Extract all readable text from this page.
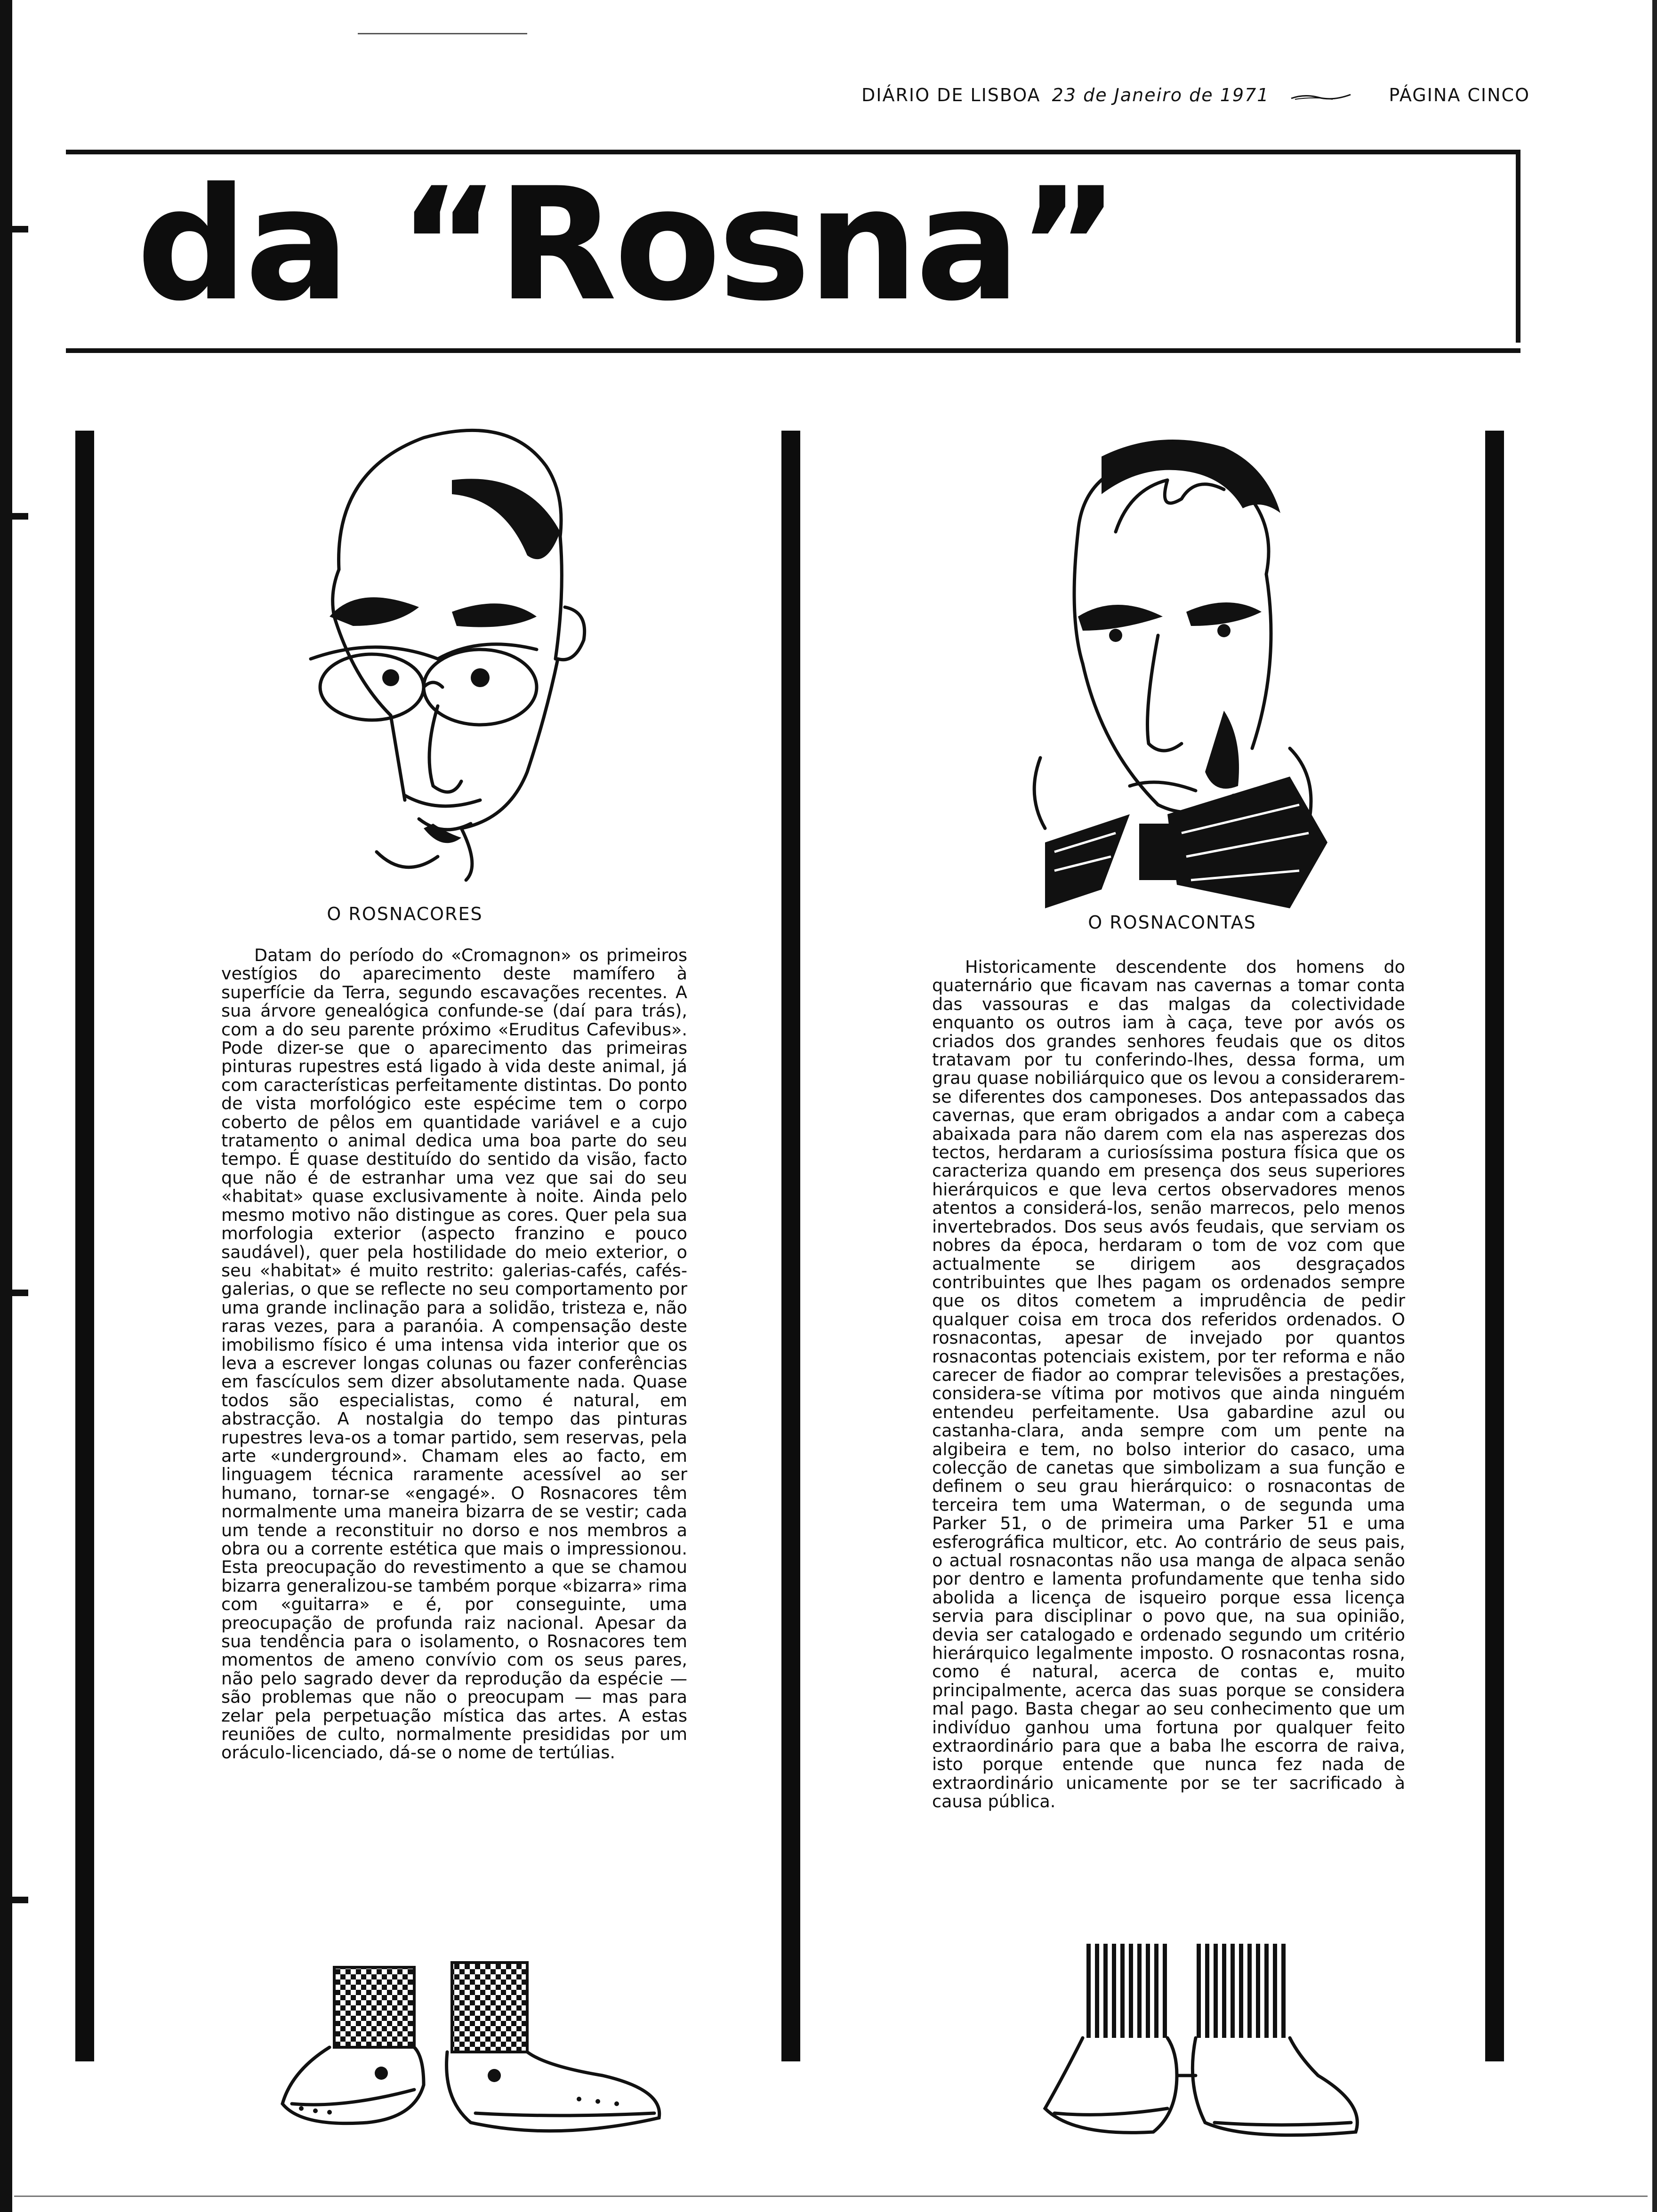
DIÁRIO DE LISBOA 23 de Janeiro de 1971	PÁGINA CINCO
da “Rosna”
O ROSNACORES	O ROSNACONTAS
Datam do período do «Cromagnon» os primeiros vestígios do aparecimento deste mamífero à superfície da Terra, segundo escavações recentes. A sua árvore genealógica confunde-se (daí para trás), com a do seu parente próximo «Eruditus Cafevibus». Pode dizer-se que o aparecimento das primeiras pinturas rupestres está ligado à vida deste animal, já com características perfeitamente distintas. Do ponto de vista morfológico este espécime tem o corpo coberto de pêlos em quantidade variável e a cujo tratamento o animal dedica uma boa parte do seu tempo. É quase destituído do sentido da visão, facto que não é de estranhar uma vez que sai do seu «habitat» quase exclusivamente à noite. Ainda pelo mesmo motivo não distingue as cores. Quer pela sua morfologia exterior (aspecto franzino e pouco saudável), quer pela hostilidade do meio exterior, o seu «habitat» é muito restrito: galerias-cafés, cafés-galerias, o que se reflecte no seu comportamento por uma grande inclinação para a solidão, tristeza e, não raras vezes, para a paranóia. A compensação deste imobilismo físico é uma intensa vida interior que os leva a escrever longas colunas ou fazer conferências em fascículos sem dizer absolutamente nada. Quase todos são especialistas, como é natural, em abstracção. A nostalgia do tempo das pinturas rupestres leva-os a tomar partido, sem reservas, pela arte «underground». Chamam eles ao facto, em linguagem técnica raramente acessível ao ser humano, tornar-se «engagé». O Rosnacores têm normalmente uma maneira bizarra de se vestir; cada um tende a reconstituir no dorso e nos membros a obra ou a corrente estética que mais o impressionou. Esta preocupação do revestimento a que se chamou bizarra generalizou-se também porque «bizarra» rima com «guitarra» e é, por conseguinte, uma preocupação de profunda raiz nacional. Apesar da sua tendência para o isolamento, o Rosnacores tem momentos de ameno convívio com os seus pares, não pelo sagrado dever da reprodução da espécie — são problemas que não o preocupam — mas para zelar pela perpetuação mística das artes. A estas reuniões de culto, normalmente presididas por um oráculo-licenciado, dá-se o nome de tertúlias.
Historicamente descendente dos homens do quaternário que ficavam nas cavernas a tomar conta das vassouras e das malgas da colectividade enquanto os outros iam à caça, teve por avós os criados dos grandes senhores feudais que os ditos tratavam por tu conferindo-lhes, dessa forma, um grau quase nobiliárquico que os levou a considerarem-se diferentes dos camponeses. Dos antepassados das cavernas, que eram obrigados a andar com a cabeça abaixada para não darem com ela nas asperezas dos tectos, herdaram a curiosíssima postura física que os caracteriza quando em presença dos seus superiores hierárquicos e que leva certos observadores menos atentos a considerá-los, senão marrecos, pelo menos invertebrados. Dos seus avós feudais, que serviam os nobres da época, herdaram o tom de voz com que actualmente se dirigem aos desgraçados contribuintes que lhes pagam os ordenados sempre que os ditos cometem a imprudência de pedir qualquer coisa em troca dos referidos ordenados. O rosnacontas, apesar de invejado por quantos rosnacontas potenciais existem, por ter reforma e não carecer de fiador ao comprar televisões a prestações, considera-se vítima por motivos que ainda ninguém entendeu perfeitamente. Usa gabardine azul ou castanha-clara, anda sempre com um pente na algibeira e tem, no bolso interior do casaco, uma colecção de canetas que simbolizam a sua função e definem o seu grau hierárquico: o rosnacontas de terceira tem uma Waterman, o de segunda uma Parker 51, o de primeira uma Parker 51 e uma esferográfica multicor, etc. Ao contrário de seus pais, o actual rosnacontas não usa manga de alpaca senão por dentro e lamenta profundamente que tenha sido abolida a licença de isqueiro porque essa licença servia para disciplinar o povo que, na sua opinião, devia ser catalogado e ordenado segundo um critério hierárquico legalmente imposto. O rosnacontas rosna, como é natural, acerca de contas e, muito principalmente, acerca das suas porque se considera mal pago. Basta chegar ao seu conhecimento que um indivíduo ganhou uma fortuna por qualquer feito extraordinário para que a baba lhe escorra de raiva, isto porque entende que nunca fez nada de extraordinário unicamente por se ter sacrificado à causa pública.
